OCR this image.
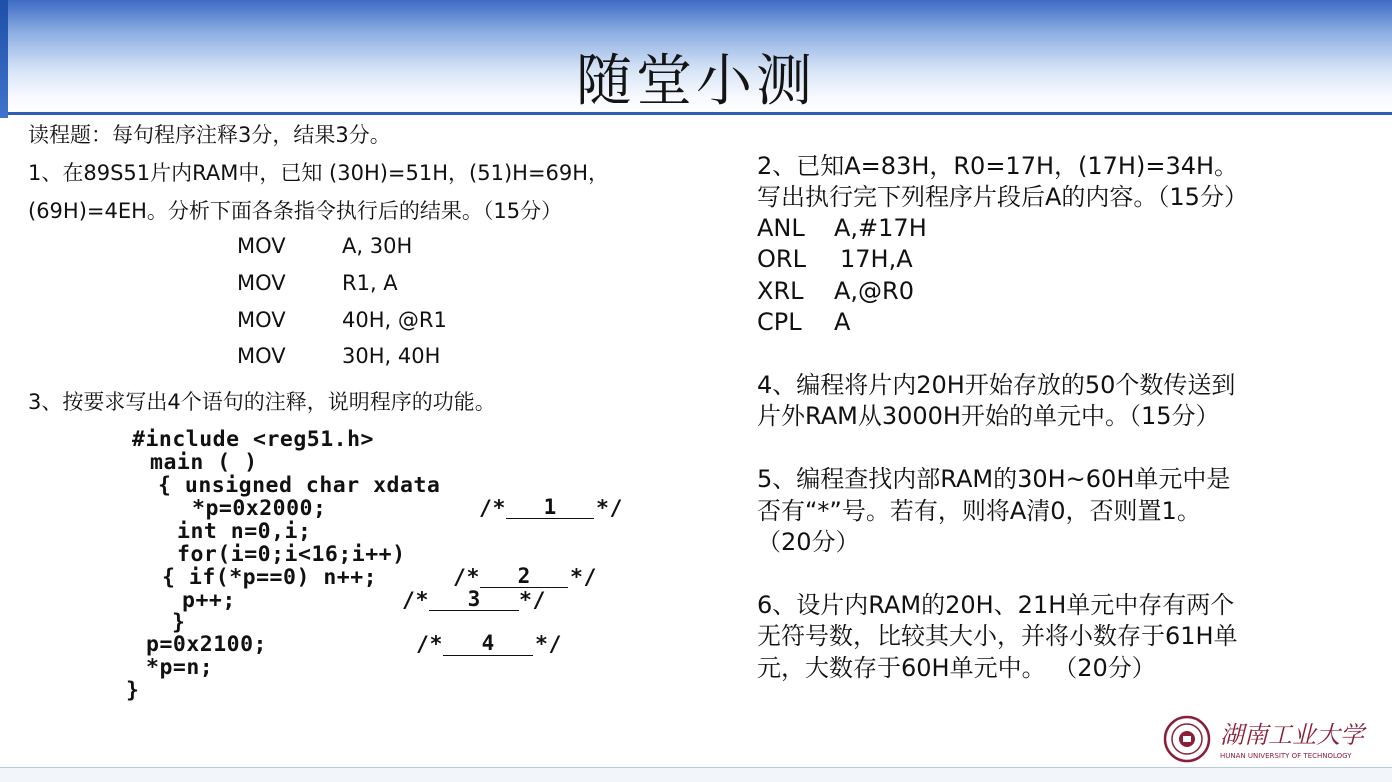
随堂小测
读程题：每句程序注释3分，结果3分。
1、在89S51片内RAM中，已知 (30H)=51H，(51)H=69H，
(69H)=4EH。分析下面各条指令执行后的结果。（15分）
MOV	A, 30H
MOV	R1, A
MOV	40H, @R1
MOV	30H, 40H
3、按要求写出4个语句的注释，说明程序的功能。
#include <reg51.h>
main ( )
{ unsigned char xdata
*p=0x2000;
int n=0,i;
for(i=0;i<16;i++)
{ if(*p==0) n++;
p++;
}
p=0x2100;
*p=n;
}
/*	1	*/
/*	2	*/
/*	3	*/
/*	4	*/
2、已知A=83H，R0=17H，(17H)=34H。
写出执行完下列程序片段后A的内容。（15分）
ANL A,#17H
ORL 17H,A
XRL A,@R0
CPL A
4、编程将片内20H开始存放的50个数传送到
片外RAM从3000H开始的单元中。（15分）
5、编程查找内部RAM的30H~60H单元中是
否有“*”号。若有，则将A清0，否则置1。
（20分）
6、设片内RAM的20H、21H单元中存有两个
无符号数，比较其大小，并将小数存于61H单
元，大数存于60H单元中。 （20分）
湖南工业大学
HUNAN UNIVERSITY OF TECHNOLOGY
